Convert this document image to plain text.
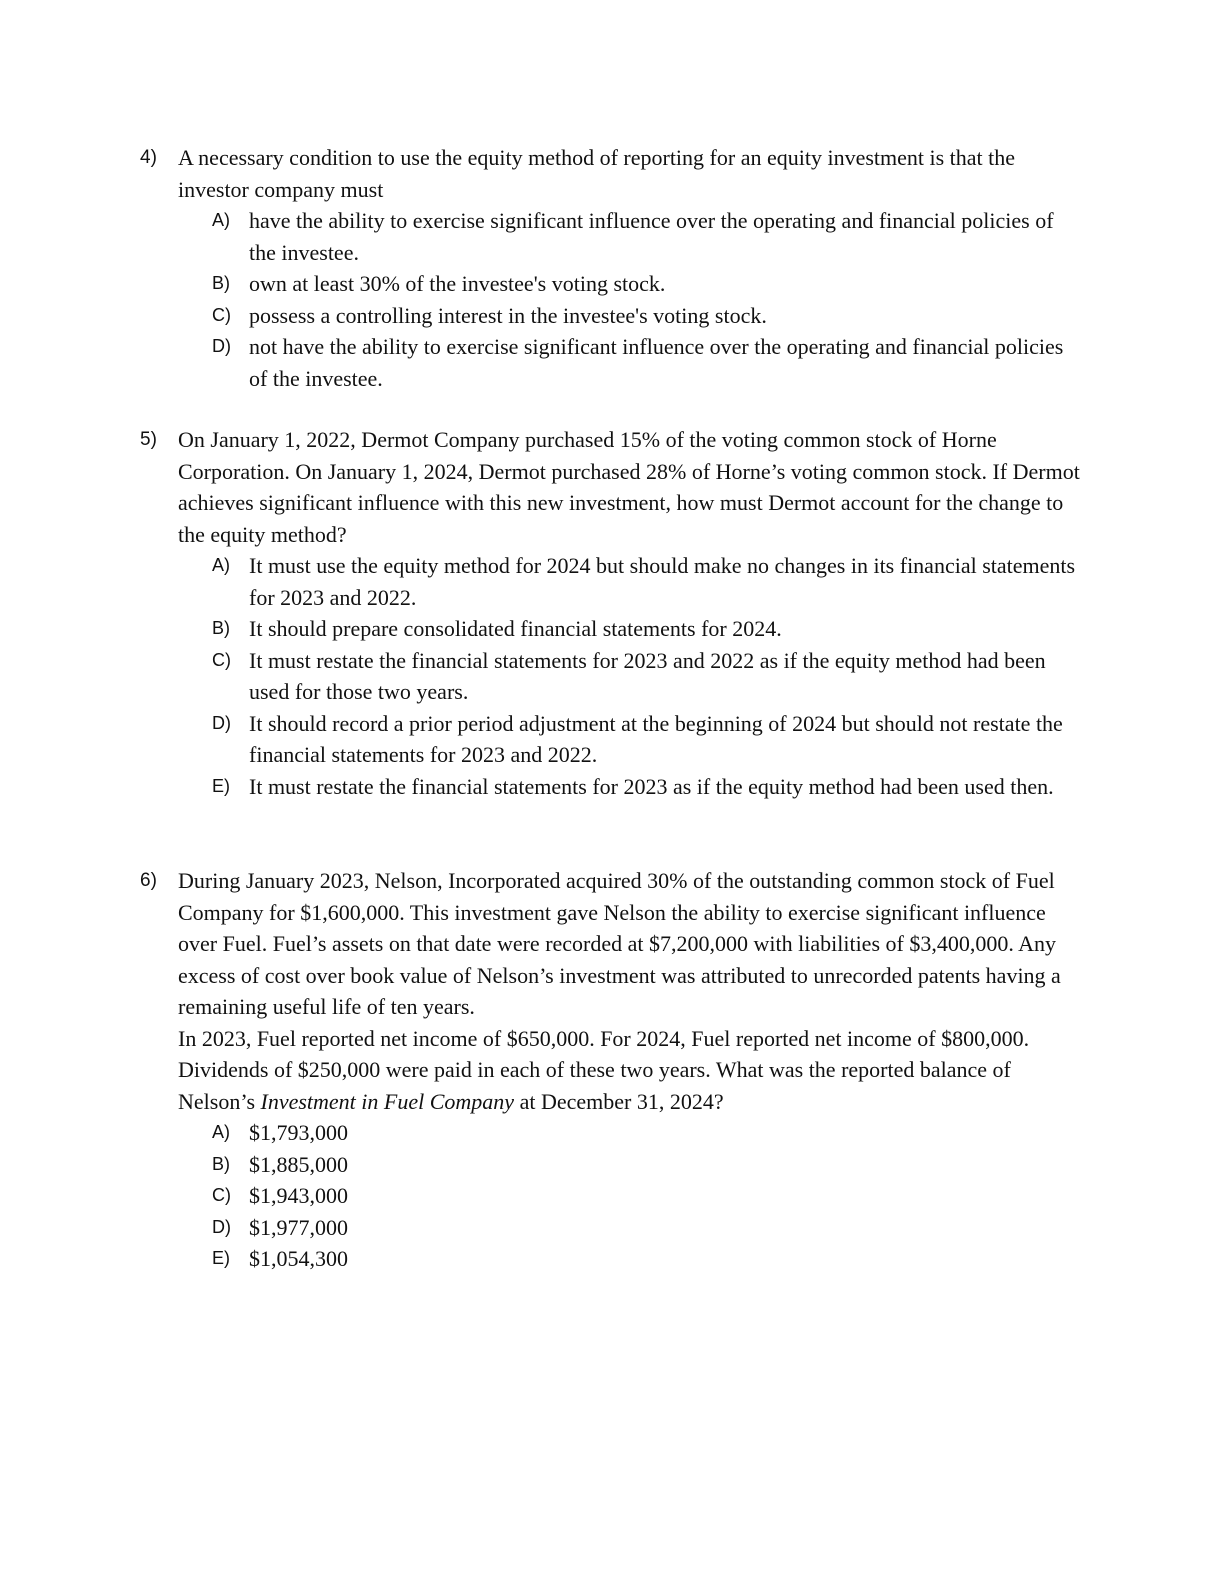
4) A necessary condition to use the equity method of reporting for an equity investment is that the investor company must
A) have the ability to exercise significant influence over the operating and financial policies of the investee.
B) own at least 30% of the investee's voting stock.
C) possess a controlling interest in the investee's voting stock.
D) not have the ability to exercise significant influence over the operating and financial policies of the investee.
5) On January 1, 2022, Dermot Company purchased 15% of the voting common stock of Horne Corporation. On January 1, 2024, Dermot purchased 28% of Horne’s voting common stock. If Dermot achieves significant influence with this new investment, how must Dermot account for the change to the equity method?
A) It must use the equity method for 2024 but should make no changes in its financial statements for 2023 and 2022.
B) It should prepare consolidated financial statements for 2024.
C) It must restate the financial statements for 2023 and 2022 as if the equity method had been used for those two years.
D) It should record a prior period adjustment at the beginning of 2024 but should not restate the financial statements for 2023 and 2022.
E) It must restate the financial statements for 2023 as if the equity method had been used then.
6) During January 2023, Nelson, Incorporated acquired 30% of the outstanding common stock of Fuel Company for $1,600,000. This investment gave Nelson the ability to exercise significant influence over Fuel. Fuel’s assets on that date were recorded at $7,200,000 with liabilities of $3,400,000. Any excess of cost over book value of Nelson’s investment was attributed to unrecorded patents having a remaining useful life of ten years.
In 2023, Fuel reported net income of $650,000. For 2024, Fuel reported net income of $800,000. Dividends of $250,000 were paid in each of these two years. What was the reported balance of Nelson’s Investment in Fuel Company at December 31, 2024?
A) $1,793,000
B) $1,885,000
C) $1,943,000
D) $1,977,000
E) $1,054,300
